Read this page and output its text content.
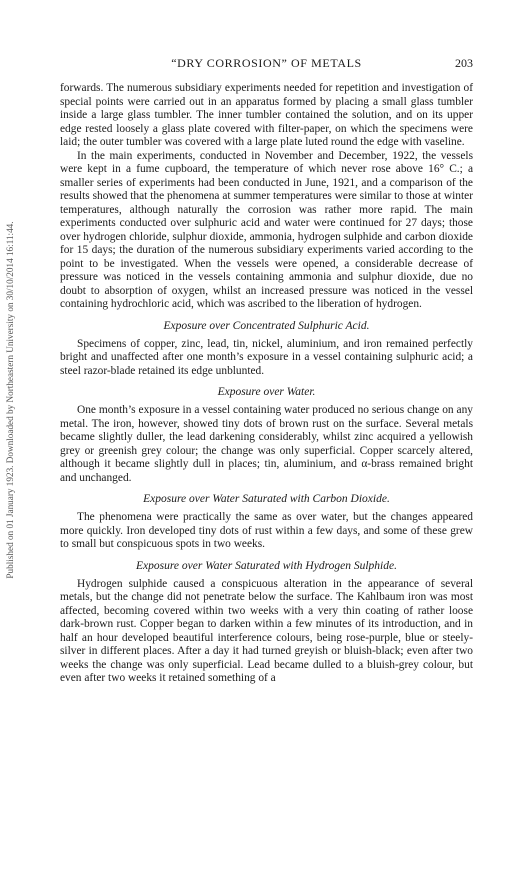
Published on 01 January 1923. Downloaded by Northeastern University on 30/10/2014 16:11:44.
“DRY CORROSION” OF METALS	203

forwards. The numerous subsidiary experiments needed for repetition and investigation of special points were carried out in an apparatus formed by placing a small glass tumbler inside a large glass tumbler. The inner tumbler contained the solution, and on its upper edge rested loosely a glass plate covered with filter-paper, on which the specimens were laid; the outer tumbler was covered with a large plate luted round the edge with vaseline.

In the main experiments, conducted in November and December, 1922, the vessels were kept in a fume cupboard, the temperature of which never rose above 16° C.; a smaller series of experiments had been conducted in June, 1921, and a comparison of the results showed that the phenomena at summer temperatures were similar to those at winter temperatures, although naturally the corrosion was rather more rapid. The main experiments conducted over sulphuric acid and water were continued for 27 days; those over hydrogen chloride, sulphur dioxide, ammonia, hydrogen sulphide and carbon dioxide for 15 days; the duration of the numerous subsidiary experiments varied according to the point to be investigated. When the vessels were opened, a considerable decrease of pressure was noticed in the vessels containing ammonia and sulphur dioxide, due no doubt to absorption of oxygen, whilst an increased pressure was noticed in the vessel containing hydrochloric acid, which was ascribed to the liberation of hydrogen.

Exposure over Concentrated Sulphuric Acid.

Specimens of copper, zinc, lead, tin, nickel, aluminium, and iron remained perfectly bright and unaffected after one month’s exposure in a vessel containing sulphuric acid; a steel razor-blade retained its edge unblunted.

Exposure over Water.

One month’s exposure in a vessel containing water produced no serious change on any metal. The iron, however, showed tiny dots of brown rust on the surface. Several metals became slightly duller, the lead darkening considerably, whilst zinc acquired a yellowish grey or greenish grey colour; the change was only superficial. Copper scarcely altered, although it became slightly dull in places; tin, aluminium, and α-brass remained bright and unchanged.

Exposure over Water Saturated with Carbon Dioxide.

The phenomena were practically the same as over water, but the changes appeared more quickly. Iron developed tiny dots of rust within a few days, and some of these grew to small but conspicuous spots in two weeks.

Exposure over Water Saturated with Hydrogen Sulphide.

Hydrogen sulphide caused a conspicuous alteration in the appearance of several metals, but the change did not penetrate below the surface. The Kahlbaum iron was most affected, becoming covered within two weeks with a very thin coating of rather loose dark-brown rust. Copper began to darken within a few minutes of its introduction, and in half an hour developed beautiful interference colours, being rose-purple, blue or steely-silver in different places. After a day it had turned greyish or bluish-black; even after two weeks the change was only superficial. Lead became dulled to a bluish-grey colour, but even after two weeks it retained something of a
